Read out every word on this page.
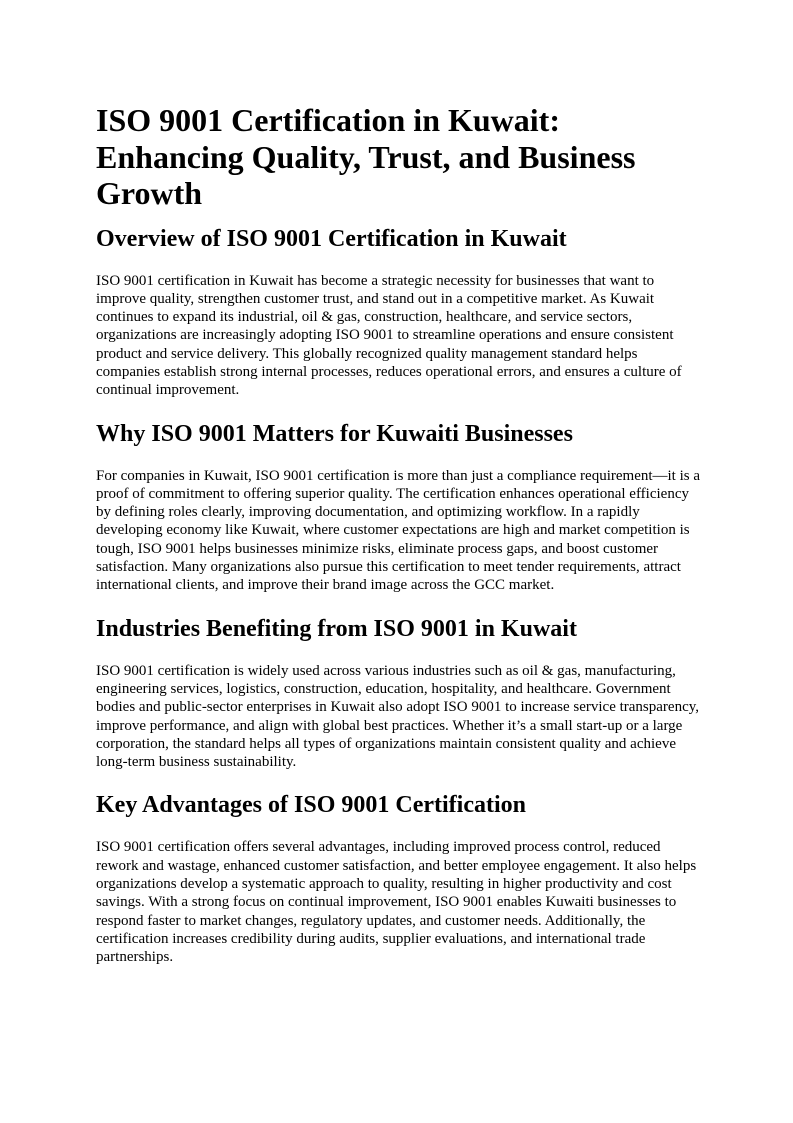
ISO 9001 Certification in Kuwait: Enhancing Quality, Trust, and Business Growth
Overview of ISO 9001 Certification in Kuwait

ISO 9001 certification in Kuwait has become a strategic necessity for businesses that want to improve quality, strengthen customer trust, and stand out in a competitive market. As Kuwait continues to expand its industrial, oil & gas, construction, healthcare, and service sectors, organizations are increasingly adopting ISO 9001 to streamline operations and ensure consistent product and service delivery. This globally recognized quality management standard helps companies establish strong internal processes, reduces operational errors, and ensures a culture of continual improvement.

Why ISO 9001 Matters for Kuwaiti Businesses

For companies in Kuwait, ISO 9001 certification is more than just a compliance requirement—it is a proof of commitment to offering superior quality. The certification enhances operational efficiency by defining roles clearly, improving documentation, and optimizing workflow. In a rapidly developing economy like Kuwait, where customer expectations are high and market competition is tough, ISO 9001 helps businesses minimize risks, eliminate process gaps, and boost customer satisfaction. Many organizations also pursue this certification to meet tender requirements, attract international clients, and improve their brand image across the GCC market.

Industries Benefiting from ISO 9001 in Kuwait

ISO 9001 certification is widely used across various industries such as oil & gas, manufacturing, engineering services, logistics, construction, education, hospitality, and healthcare. Government bodies and public-sector enterprises in Kuwait also adopt ISO 9001 to increase service transparency, improve performance, and align with global best practices. Whether it’s a small start-up or a large corporation, the standard helps all types of organizations maintain consistent quality and achieve long-term business sustainability.

Key Advantages of ISO 9001 Certification

ISO 9001 certification offers several advantages, including improved process control, reduced rework and wastage, enhanced customer satisfaction, and better employee engagement. It also helps organizations develop a systematic approach to quality, resulting in higher productivity and cost savings. With a strong focus on continual improvement, ISO 9001 enables Kuwaiti businesses to respond faster to market changes, regulatory updates, and customer needs. Additionally, the certification increases credibility during audits, supplier evaluations, and international trade partnerships.
